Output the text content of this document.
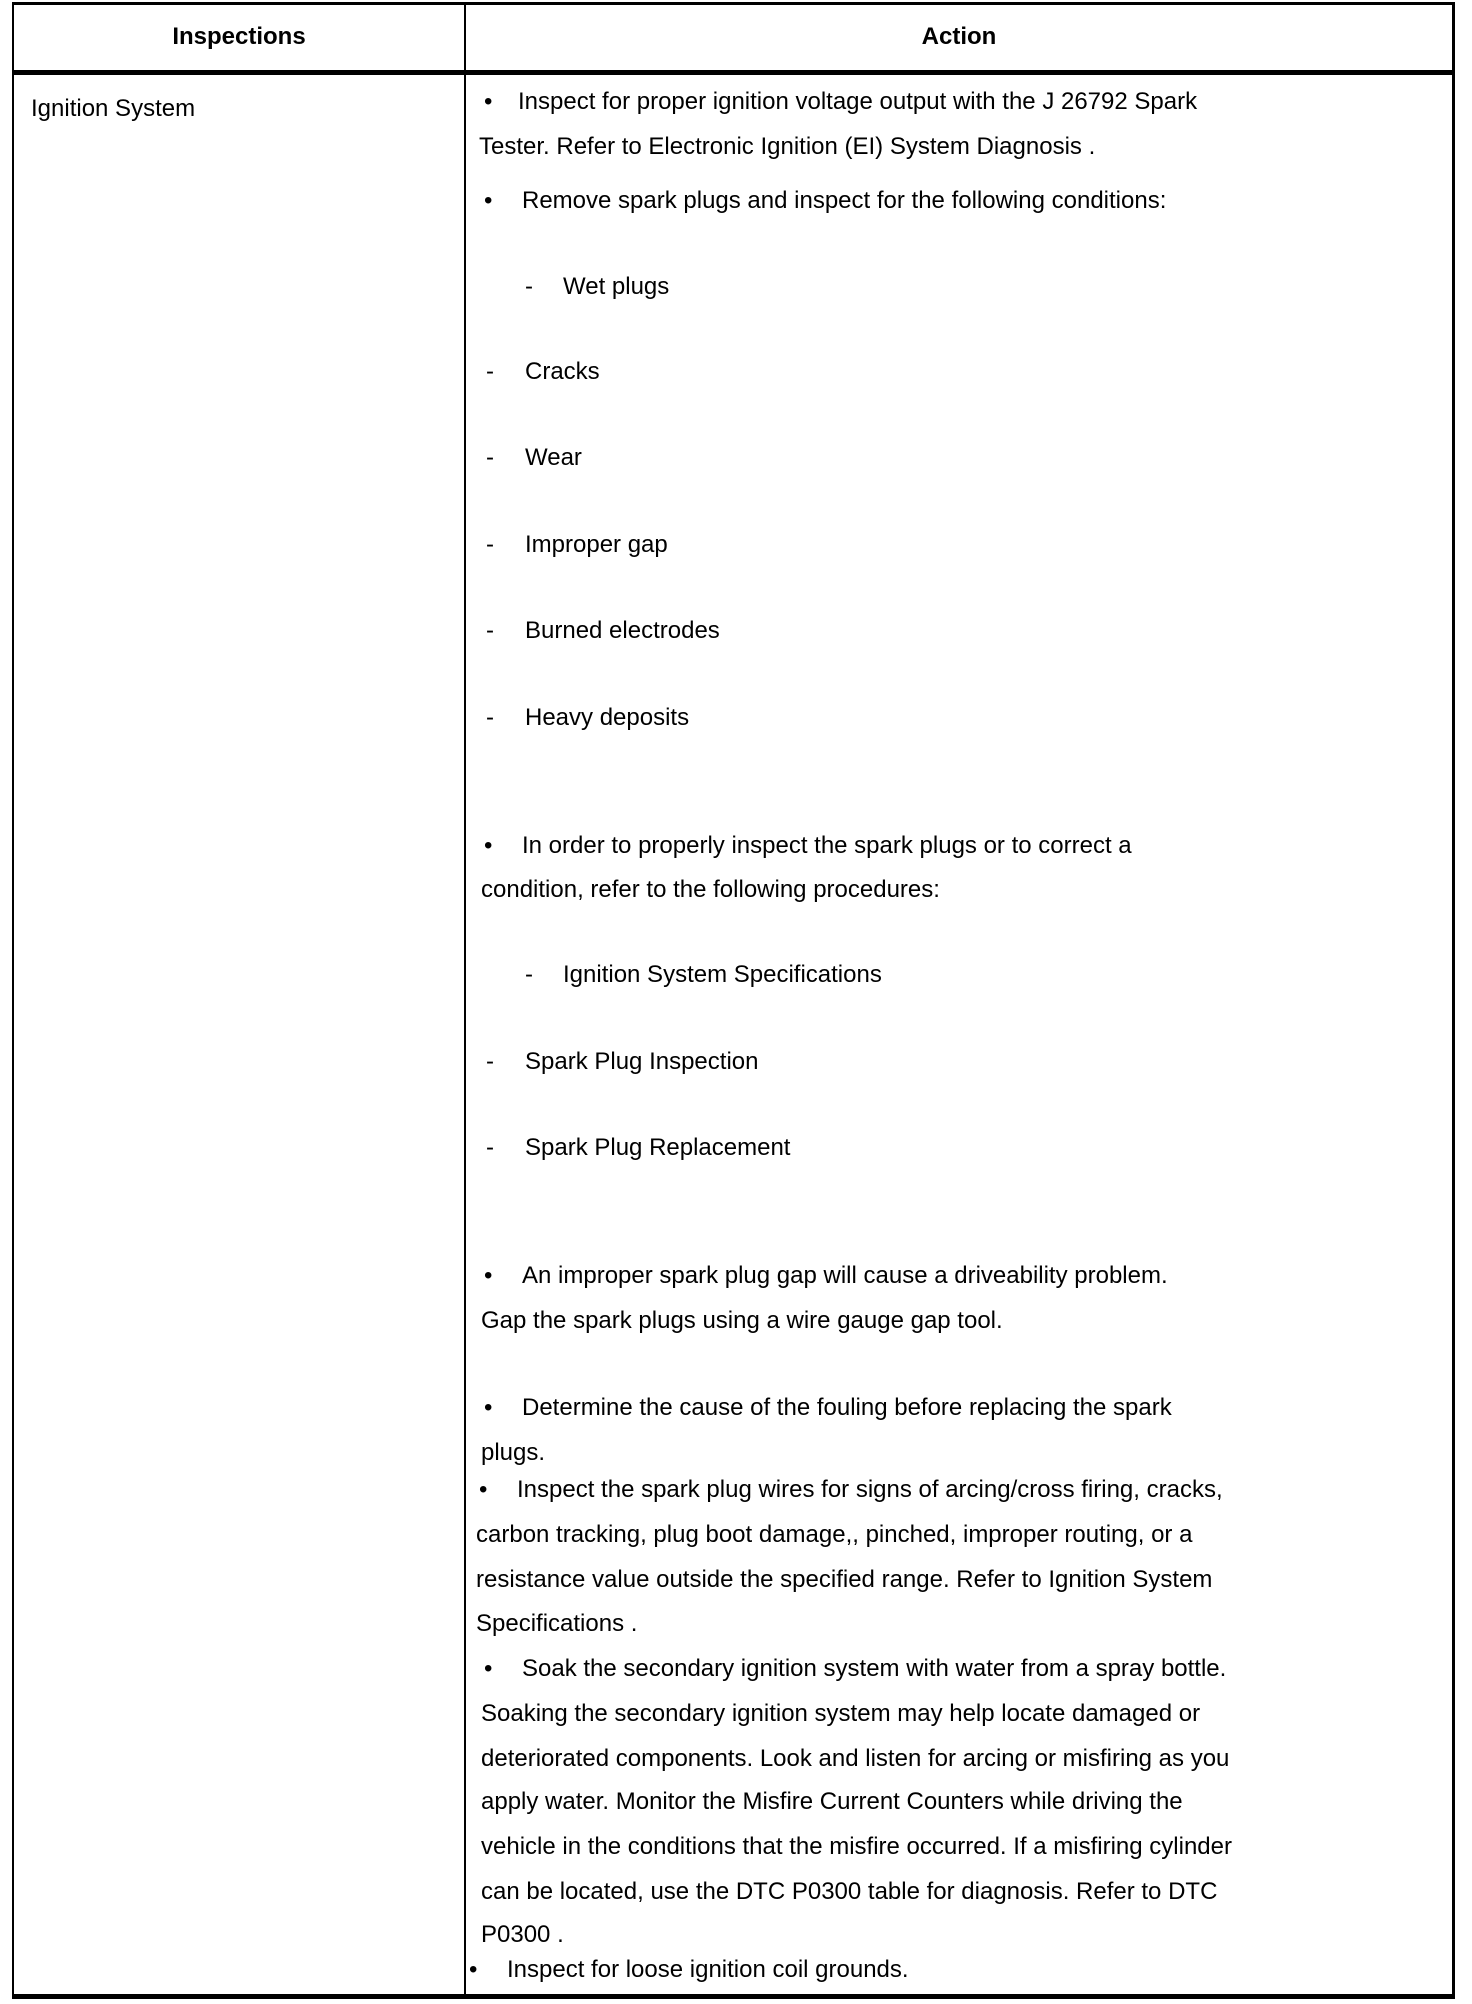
Inspections	Action
Ignition System	• Inspect for proper ignition voltage output with the J 26792 Spark
Tester. Refer to Electronic Ignition (EI) System Diagnosis .
• Remove spark plugs and inspect for the following conditions:
- Wet plugs
- Cracks
- Wear
- Improper gap
- Burned electrodes
- Heavy deposits
• In order to properly inspect the spark plugs or to correct a
condition, refer to the following procedures:
- Ignition System Specifications
- Spark Plug Inspection
- Spark Plug Replacement
• An improper spark plug gap will cause a driveability problem.
Gap the spark plugs using a wire gauge gap tool.
• Determine the cause of the fouling before replacing the spark
plugs.
• Inspect the spark plug wires for signs of arcing/cross firing, cracks,
carbon tracking, plug boot damage,, pinched, improper routing, or a
resistance value outside the specified range. Refer to Ignition System
Specifications .
• Soak the secondary ignition system with water from a spray bottle.
Soaking the secondary ignition system may help locate damaged or
deteriorated components. Look and listen for arcing or misfiring as you
apply water. Monitor the Misfire Current Counters while driving the
vehicle in the conditions that the misfire occurred. If a misfiring cylinder
can be located, use the DTC P0300 table for diagnosis. Refer to DTC
P0300 .
• Inspect for loose ignition coil grounds.
